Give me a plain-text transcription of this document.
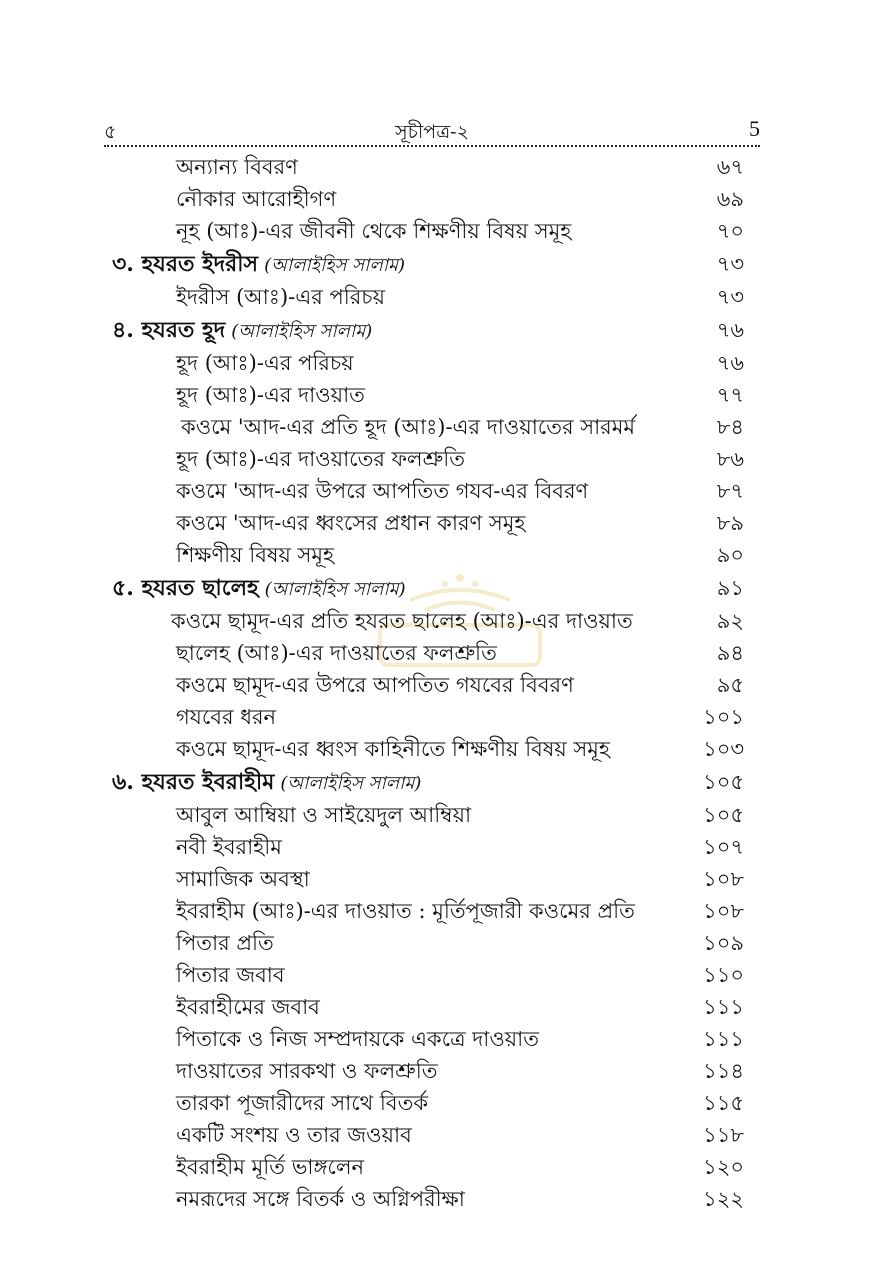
৫	সূচীপত্র-২	5
অন্যান্য বিবরণ	৬৭
নৌকার আরোহীগণ	৬৯
নূহ (আঃ)-এর জীবনী থেকে শিক্ষণীয় বিষয় সমূহ	৭০
৩. হযরত ইদরীস (আলাইহিস সালাম)	৭৩
ইদরীস (আঃ)-এর পরিচয়	৭৩
৪. হযরত হূদ (আলাইহিস সালাম)	৭৬
হূদ (আঃ)-এর পরিচয়	৭৬
হূদ (আঃ)-এর দাওয়াত	৭৭
কওমে 'আদ-এর প্রতি হূদ (আঃ)-এর দাওয়াতের সারমর্ম	৮৪
হূদ (আঃ)-এর দাওয়াতের ফলশ্রুতি	৮৬
কওমে 'আদ-এর উপরে আপতিত গযব-এর বিবরণ	৮৭
কওমে 'আদ-এর ধ্বংসের প্রধান কারণ সমূহ	৮৯
শিক্ষণীয় বিষয় সমূহ	৯০
৫. হযরত ছালেহ (আলাইহিস সালাম)	৯১
কওমে ছামূদ-এর প্রতি হযরত ছালেহ (আঃ)-এর দাওয়াত	৯২
ছালেহ (আঃ)-এর দাওয়াতের ফলশ্রুতি	৯৪
কওমে ছামূদ-এর উপরে আপতিত গযবের বিবরণ	৯৫
গযবের ধরন	১০১
কওমে ছামূদ-এর ধ্বংস কাহিনীতে শিক্ষণীয় বিষয় সমূহ	১০৩
৬. হযরত ইবরাহীম (আলাইহিস সালাম)	১০৫
আবুল আম্বিয়া ও সাইয়েদুল আম্বিয়া	১০৫
নবী ইবরাহীম	১০৭
সামাজিক অবস্থা	১০৮
ইবরাহীম (আঃ)-এর দাওয়াত : মূর্তিপূজারী কওমের প্রতি	১০৮
পিতার প্রতি	১০৯
পিতার জবাব	১১০
ইবরাহীমের জবাব	১১১
পিতাকে ও নিজ সম্প্রদায়কে একত্রে দাওয়াত	১১১
দাওয়াতের সারকথা ও ফলশ্রুতি	১১৪
তারকা পূজারীদের সাথে বিতর্ক	১১৫
একটি সংশয় ও তার জওয়াব	১১৮
ইবরাহীম মূর্তি ভাঙ্গলেন	১২০
নমরূদের সঙ্গে বিতর্ক ও অগ্নিপরীক্ষা	১২২
